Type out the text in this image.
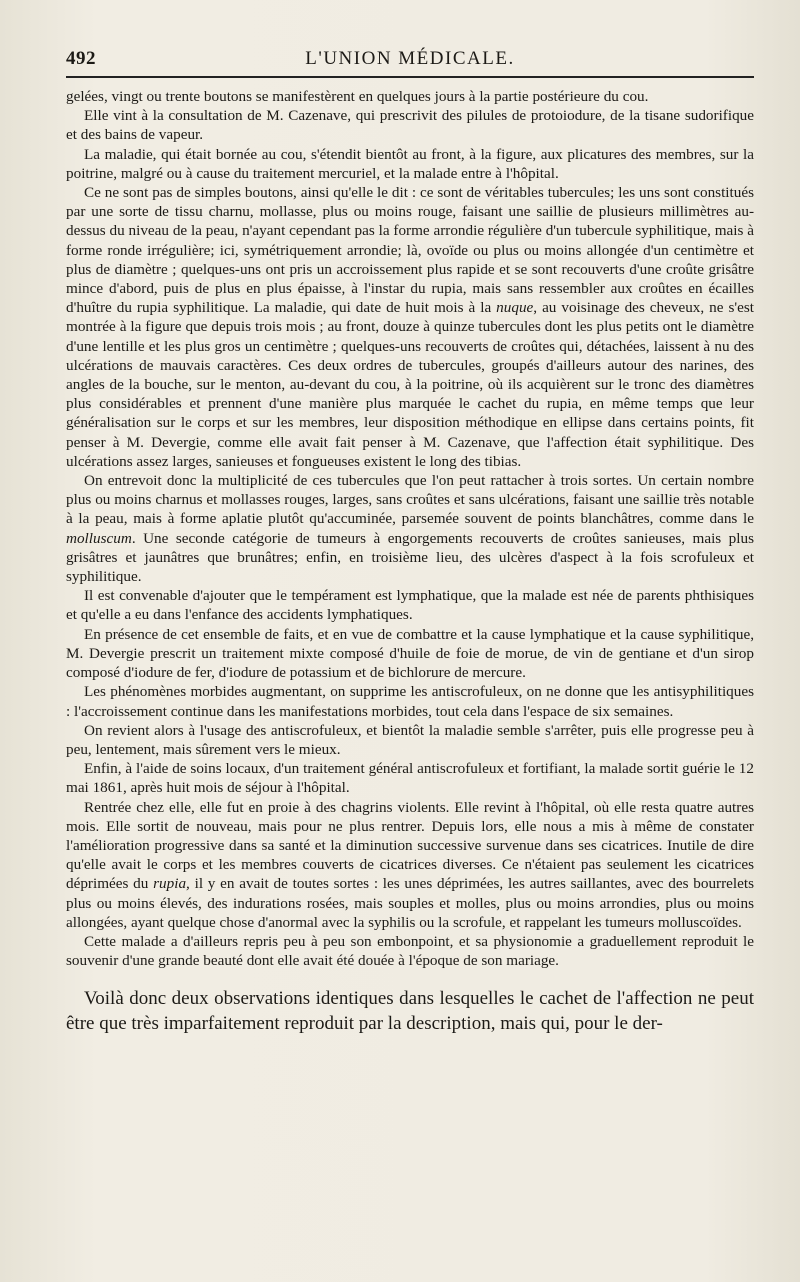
492	L'UNION MÉDICALE.

gelées, vingt ou trente boutons se manifestèrent en quelques jours à la partie postérieure du cou.

Elle vint à la consultation de M. Cazenave, qui prescrivit des pilules de protoiodure, de la tisane sudorifique et des bains de vapeur.

La maladie, qui était bornée au cou, s'étendit bientôt au front, à la figure, aux plicatures des membres, sur la poitrine, malgré ou à cause du traitement mercuriel, et la malade entre à l'hôpital.

Ce ne sont pas de simples boutons, ainsi qu'elle le dit : ce sont de véritables tubercules; les uns sont constitués par une sorte de tissu charnu, mollasse, plus ou moins rouge, faisant une saillie de plusieurs millimètres au-dessus du niveau de la peau, n'ayant cependant pas la forme arrondie régulière d'un tubercule syphilitique, mais à forme ronde irrégulière; ici, symétriquement arrondie; là, ovoïde ou plus ou moins allongée d'un centimètre et plus de diamètre ; quelques-uns ont pris un accroissement plus rapide et se sont recouverts d'une croûte grisâtre mince d'abord, puis de plus en plus épaisse, à l'instar du rupia, mais sans ressembler aux croûtes en écailles d'huître du rupia syphilitique. La maladie, qui date de huit mois à la nuque, au voisinage des cheveux, ne s'est montrée à la figure que depuis trois mois ; au front, douze à quinze tubercules dont les plus petits ont le diamètre d'une lentille et les plus gros un centimètre ; quelques-uns recouverts de croûtes qui, détachées, laissent à nu des ulcérations de mauvais caractères. Ces deux ordres de tubercules, groupés d'ailleurs autour des narines, des angles de la bouche, sur le menton, au-devant du cou, à la poitrine, où ils acquièrent sur le tronc des diamètres plus considérables et prennent d'une manière plus marquée le cachet du rupia, en même temps que leur généralisation sur le corps et sur les membres, leur disposition méthodique en ellipse dans certains points, fit penser à M. Devergie, comme elle avait fait penser à M. Cazenave, que l'affection était syphilitique. Des ulcérations assez larges, sanieuses et fongueuses existent le long des tibias.

On entrevoit donc la multiplicité de ces tubercules que l'on peut rattacher à trois sortes. Un certain nombre plus ou moins charnus et mollasses rouges, larges, sans croûtes et sans ulcérations, faisant une saillie très notable à la peau, mais à forme aplatie plutôt qu'accuminée, parsemée souvent de points blanchâtres, comme dans le molluscum. Une seconde catégorie de tumeurs à engorgements recouverts de croûtes sanieuses, mais plus grisâtres et jaunâtres que brunâtres; enfin, en troisième lieu, des ulcères d'aspect à la fois scrofuleux et syphilitique.

Il est convenable d'ajouter que le tempérament est lymphatique, que la malade est née de parents phthisiques et qu'elle a eu dans l'enfance des accidents lymphatiques.

En présence de cet ensemble de faits, et en vue de combattre et la cause lymphatique et la cause syphilitique, M. Devergie prescrit un traitement mixte composé d'huile de foie de morue, de vin de gentiane et d'un sirop composé d'iodure de fer, d'iodure de potassium et de bichlorure de mercure.

Les phénomènes morbides augmentant, on supprime les antiscrofuleux, on ne donne que les antisyphilitiques : l'accroissement continue dans les manifestations morbides, tout cela dans l'espace de six semaines.

On revient alors à l'usage des antiscrofuleux, et bientôt la maladie semble s'arrêter, puis elle progresse peu à peu, lentement, mais sûrement vers le mieux.

Enfin, à l'aide de soins locaux, d'un traitement général antiscrofuleux et fortifiant, la malade sortit guérie le 12 mai 1861, après huit mois de séjour à l'hôpital.

Rentrée chez elle, elle fut en proie à des chagrins violents. Elle revint à l'hôpital, où elle resta quatre autres mois. Elle sortit de nouveau, mais pour ne plus rentrer. Depuis lors, elle nous a mis à même de constater l'amélioration progressive dans sa santé et la diminution successive survenue dans ses cicatrices. Inutile de dire qu'elle avait le corps et les membres couverts de cicatrices diverses. Ce n'étaient pas seulement les cicatrices déprimées du rupia, il y en avait de toutes sortes : les unes déprimées, les autres saillantes, avec des bourrelets plus ou moins élevés, des indurations rosées, mais souples et molles, plus ou moins arrondies, plus ou moins allongées, ayant quelque chose d'anormal avec la syphilis ou la scrofule, et rappelant les tumeurs molluscoïdes.

Cette malade a d'ailleurs repris peu à peu son embonpoint, et sa physionomie a graduellement reproduit le souvenir d'une grande beauté dont elle avait été douée à l'époque de son mariage.

Voilà donc deux observations identiques dans lesquelles le cachet de l'affection ne peut être que très imparfaitement reproduit par la description, mais qui, pour le der-
